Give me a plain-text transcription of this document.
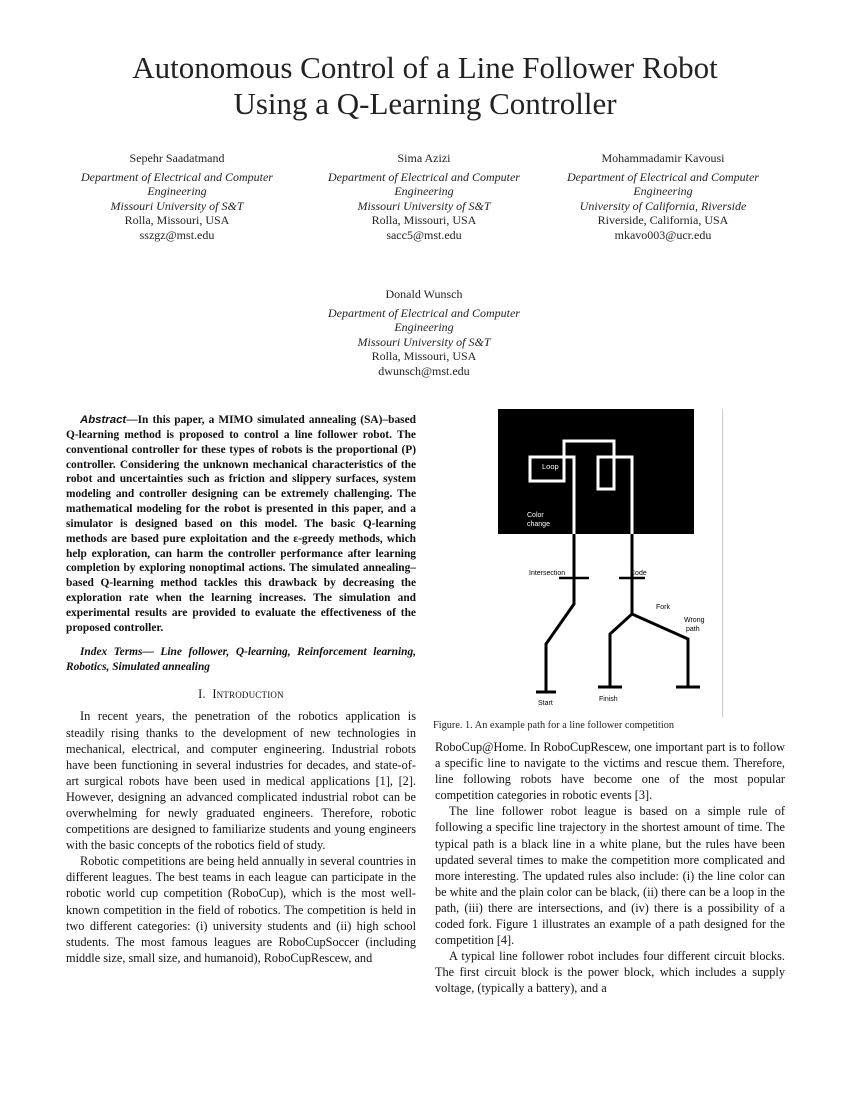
Autonomous Control of a Line Follower Robot
Using a Q-Learning Controller
Sepehr Saadatmand
Department of Electrical and Computer
Engineering
Missouri University of S&T
Rolla, Missouri, USA
sszgz@mst.edu
Sima Azizi
Department of Electrical and Computer
Engineering
Missouri University of S&T
Rolla, Missouri, USA
sacc5@mst.edu
Mohammadamir Kavousi
Department of Electrical and Computer
Engineering
University of California, Riverside
Riverside, California, USA
mkavo003@ucr.edu
Donald Wunsch
Department of Electrical and Computer
Engineering
Missouri University of S&T
Rolla, Missouri, USA
dwunsch@mst.edu

Abstract—In this paper, a MIMO simulated annealing (SA)–based Q-learning method is proposed to control a line follower robot. The conventional controller for these types of robots is the proportional (P) controller. Considering the unknown mechanical characteristics of the robot and uncertainties such as friction and slippery surfaces, system modeling and controller designing can be extremely challenging. The mathematical modeling for the robot is presented in this paper, and a simulator is designed based on this model. The basic Q-learning methods are based pure exploitation and the ε-greedy methods, which help exploration, can harm the controller performance after learning completion by exploring nonoptimal actions. The simulated annealing–based Q-learning method tackles this drawback by decreasing the exploration rate when the learning increases. The simulation and experimental results are provided to evaluate the effectiveness of the proposed controller.

Index Terms— Line follower, Q-learning, Reinforcement learning, Robotics, Simulated annealing

I. Introduction

In recent years, the penetration of the robotics application is steadily rising thanks to the development of new technologies in mechanical, electrical, and computer engineering. Industrial robots have been functioning in several industries for decades, and state-of-art surgical robots have been used in medical applications [1], [2]. However, designing an advanced complicated industrial robot can be overwhelming for newly graduated engineers. Therefore, robotic competitions are designed to familiarize students and young engineers with the basic concepts of the robotics field of study.

Robotic competitions are being held annually in several countries in different leagues. The best teams in each league can participate in the robotic world cup competition (RoboCup), which is the most well-known competition in the field of robotics. The competition is held in two different categories: (i) university students and (ii) high school students. The most famous leagues are RoboCupSoccer (including middle size, small size, and humanoid), RoboCupRescew, and

Loop
Color
change
Intersection	Code
Fork
Wrong
path
Start
Finish
Figure. 1. An example path for a line follower competition

RoboCup@Home. In RoboCupRescew, one important part is to follow a specific line to navigate to the victims and rescue them. Therefore, line following robots have become one of the most popular competition categories in robotic events [3].

The line follower robot league is based on a simple rule of following a specific line trajectory in the shortest amount of time. The typical path is a black line in a white plane, but the rules have been updated several times to make the competition more complicated and more interesting. The updated rules also include: (i) the line color can be white and the plain color can be black, (ii) there can be a loop in the path, (iii) there are intersections, and (iv) there is a possibility of a coded fork. Figure 1 illustrates an example of a path designed for the competition [4].

A typical line follower robot includes four different circuit blocks. The first circuit block is the power block, which includes a supply voltage, (typically a battery), and a
